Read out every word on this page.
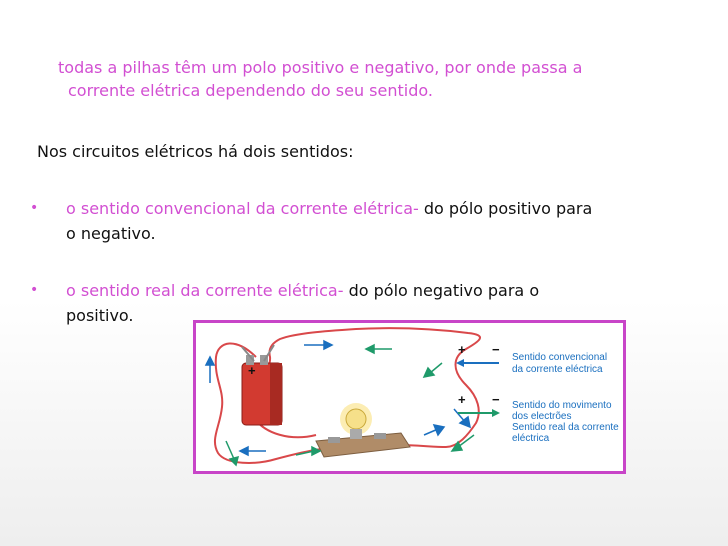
todas a pilhas têm um polo positivo e negativo, por onde passa a
corrente elétrica dependendo do seu sentido.

Nos circuitos elétricos há dois sentidos:

•	o sentido convencional da corrente elétrica- do pólo positivo para
o negativo.
•	o sentido real da corrente elétrica- do pólo negativo para o
positivo.
+
+ −
Sentido convencional
da corrente eléctrica
+ − Sentido do movimento
dos electrões
Sentido real da corrente
eléctrica
